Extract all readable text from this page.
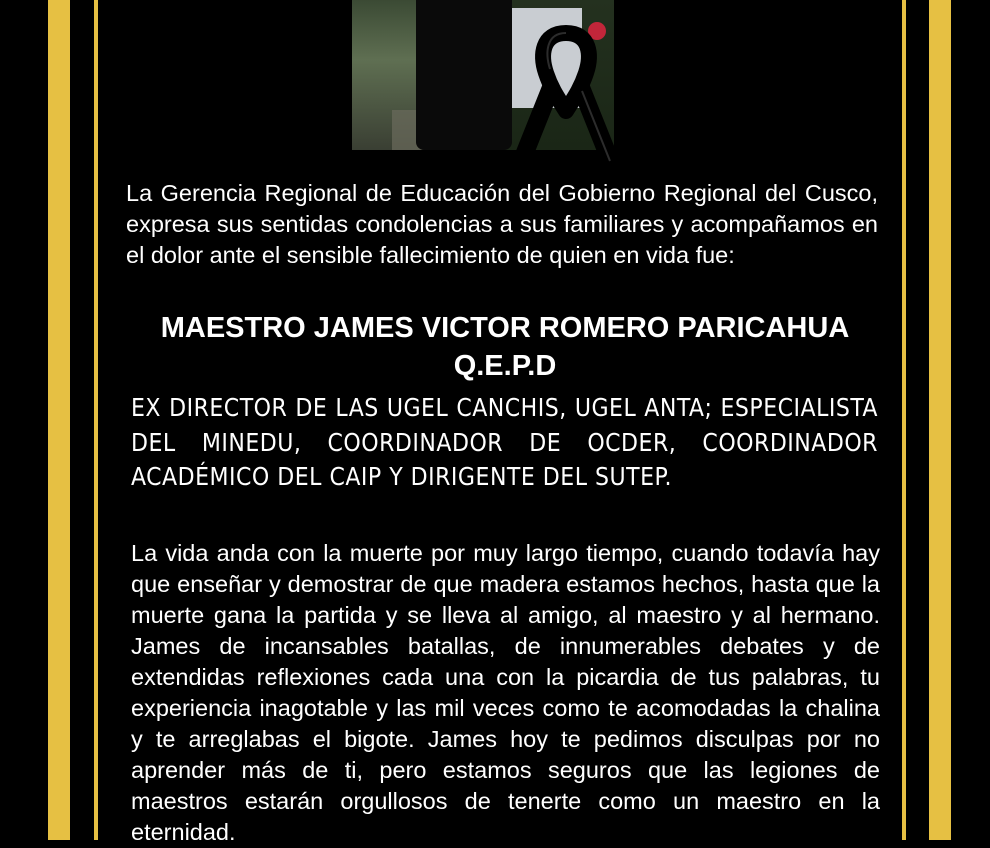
La Gerencia Regional de Educación del Gobierno Regional del Cusco, expresa sus sentidas condolencias a sus familiares y acompañamos en el dolor ante el sensible fallecimiento de quien en vida fue:

MAESTRO JAMES VICTOR ROMERO PARICAHUA
Q.E.P.D

EX DIRECTOR DE LAS UGEL CANCHIS, UGEL ANTA; ESPECIALISTA DEL MINEDU, COORDINADOR DE OCDER, COORDINADOR ACADÉMICO DEL CAIP Y DIRIGENTE DEL SUTEP.

La vida anda con la muerte por muy largo tiempo, cuando todavía hay que enseñar y demostrar de que madera estamos hechos, hasta que la muerte gana la partida y se lleva al amigo, al maestro y al hermano. James de incansables batallas, de innumerables debates y de extendidas reflexiones cada una con la picardia de tus palabras, tu experiencia inagotable y las mil veces como te acomodadas la chalina y te arreglabas el bigote. James hoy te pedimos disculpas por no aprender más de ti, pero estamos seguros que las legiones de maestros estarán orgullosos de tenerte como un maestro en la eternidad.
